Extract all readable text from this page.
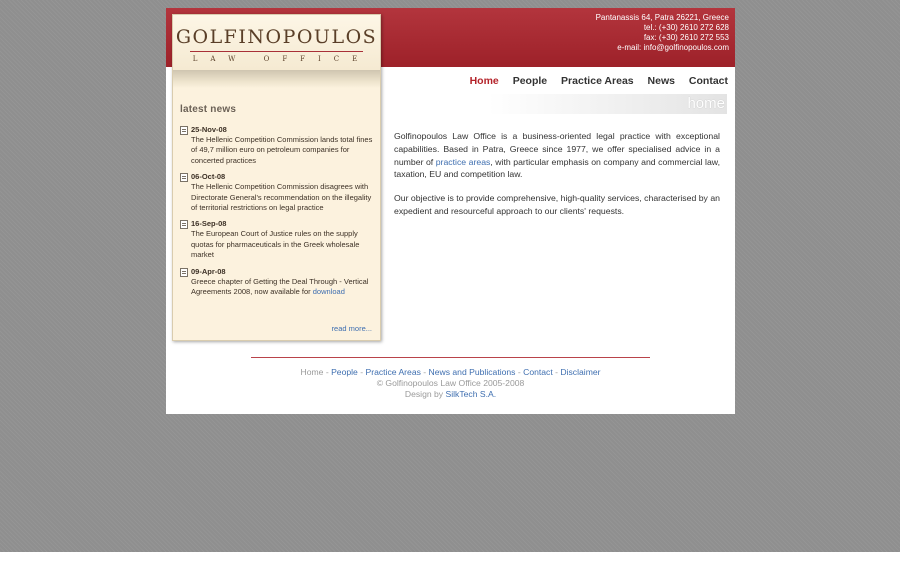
Pantanassis 64, Patra 26221, Greece
tel.: (+30) 2610 272 628
fax: (+30) 2610 272 553
e-mail: info@golfinopoulos.com
GOLFINOPOULOS
LAW OFFICE
latest news
25-Nov-08
The Hellenic Competition Commission lands total fines of 49,7 million euro on petroleum companies for concerted practices
06-Oct-08
The Hellenic Competition Commission disagrees with Directorate General's recommendation on the illegality of territorial restrictions on legal practice
16-Sep-08
The European Court of Justice rules on the supply quotas for pharmaceuticals in the Greek wholesale market
09-Apr-08
Greece chapter of Getting the Deal Through - Vertical Agreements 2008, now available for download
read more...
Home People Practice Areas News Contact
home

Golfinopoulos Law Office is a business-oriented legal practice with exceptional capabilities. Based in Patra, Greece since 1977, we offer specialised advice in a number of practice areas, with particular emphasis on company and commercial law, taxation, EU and competition law.

Our objective is to provide comprehensive, high-quality services, characterised by an expedient and resourceful approach to our clients' requests.

Home - People - Practice Areas - News and Publications - Contact - Disclaimer
© Golfinopoulos Law Office 2005-2008
Design by SilkTech S.A.
